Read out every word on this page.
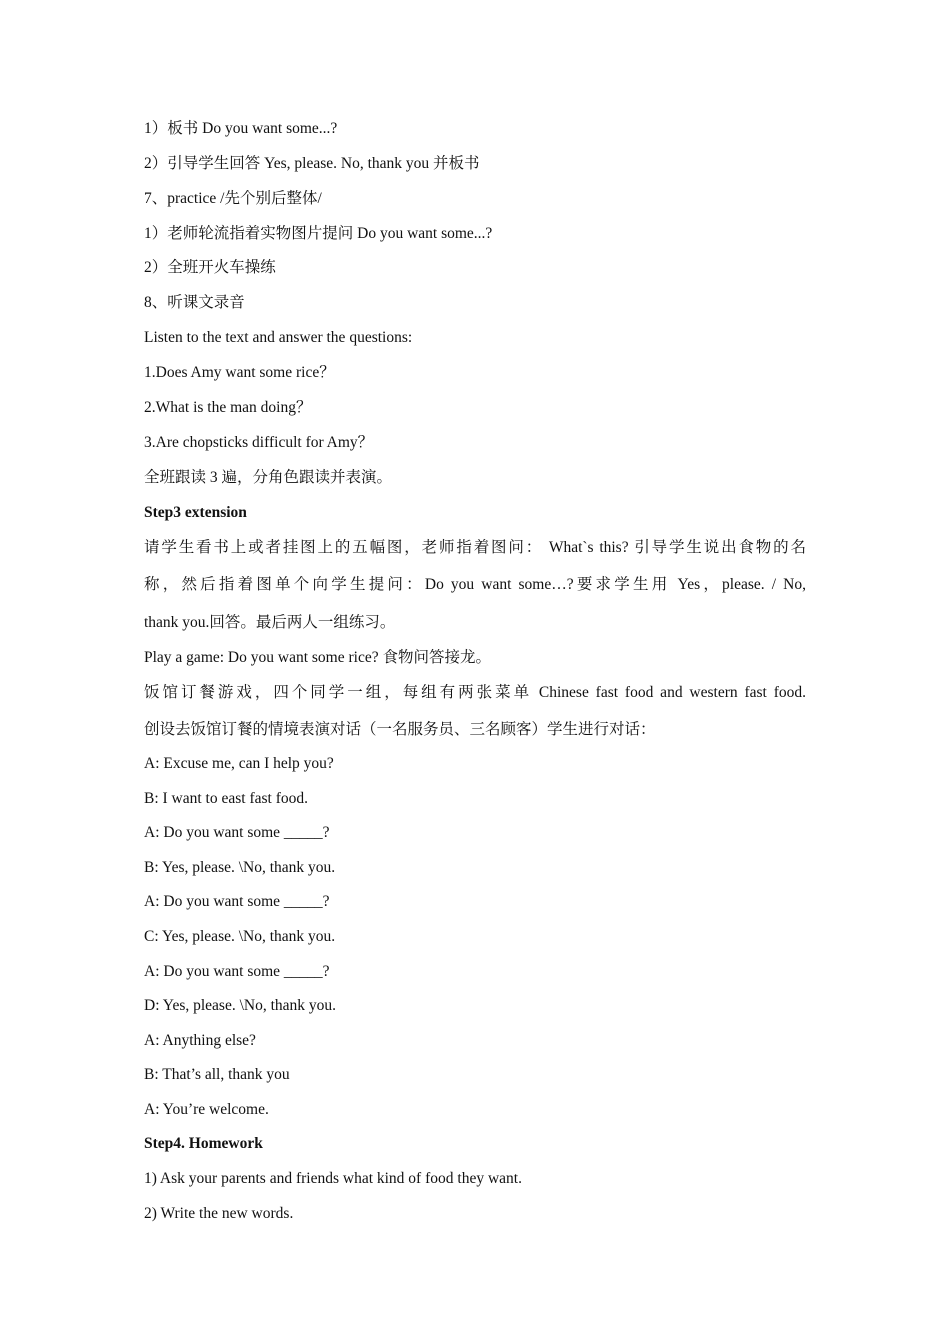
1）板书 Do you want some...?
2）引导学生回答 Yes, please. No, thank you 并板书
7、practice /先个别后整体/
1）老师轮流指着实物图片提问 Do you want some...?
2）全班开火车操练
8、听课文录音
Listen to the text and answer the questions:
1.Does Amy want some rice？
2.What is the man doing？
3.Are chopsticks difficult for Amy？
全班跟读 3 遍，分角色跟读并表演。
Step3 extension
请学生看书上或者挂图上的五幅图，老师指着图问： What`s this? 引导学生说出食物的名
称，然后指着图单个向学生提问：Do you want some…?要求学生用 Yes，please. / No,
thank you.回答。最后两人一组练习。
Play a game: Do you want some rice? 食物问答接龙。
饭馆订餐游戏，四个同学一组，每组有两张菜单 Chinese fast food and western fast food.
创设去饭馆订餐的情境表演对话（一名服务员、三名顾客）学生进行对话：
A: Excuse me, can I help you?
B: I want to east fast food.
A: Do you want some _____?
B: Yes, please. \No, thank you.
A: Do you want some _____?
C: Yes, please. \No, thank you.
A: Do you want some _____?
D: Yes, please. \No, thank you.
A: Anything else?
B: That’s all, thank you
A: You’re welcome.
Step4. Homework
1) Ask your parents and friends what kind of food they want.
2) Write the new words.
